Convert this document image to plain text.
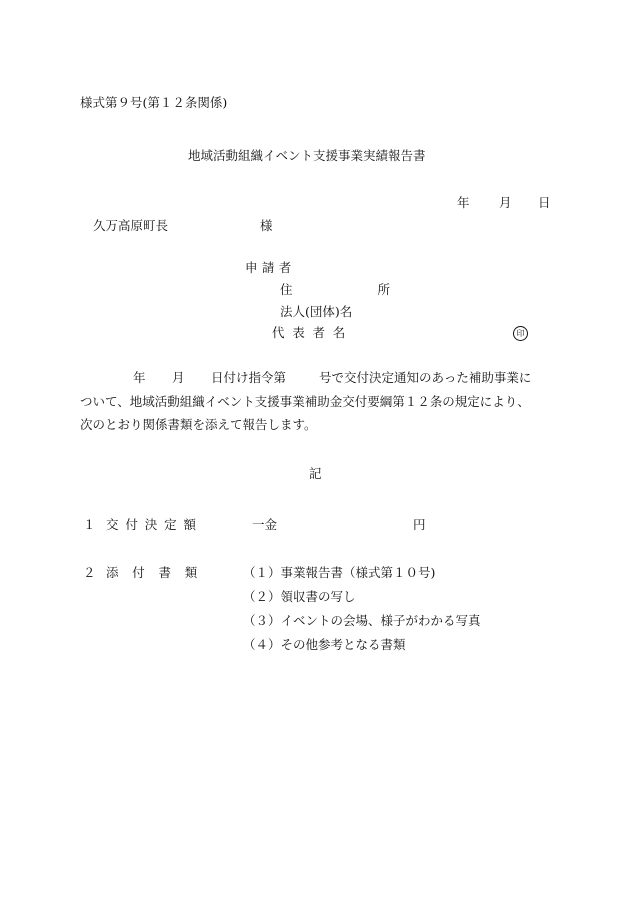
様式第９号(第１２条関係)
地域活動組織イベント支援事業実績報告書
年 月 日
久万高原町長	様
申請者
住　　所
法人(団体)名
代表者名	印
年 月 日付け指令第	号で交付決定通知のあった補助事業に
ついて、地域活動組織イベント支援事業補助金交付要綱第１２条の規定により、
次のとおり関係書類を添えて報告します。
記
１ 交付決定額	一金	円
２ 添付書類	（１）事業報告書（様式第１０号)
（２）領収書の写し
（３）イベントの会場、様子がわかる写真
（４）その他参考となる書類
